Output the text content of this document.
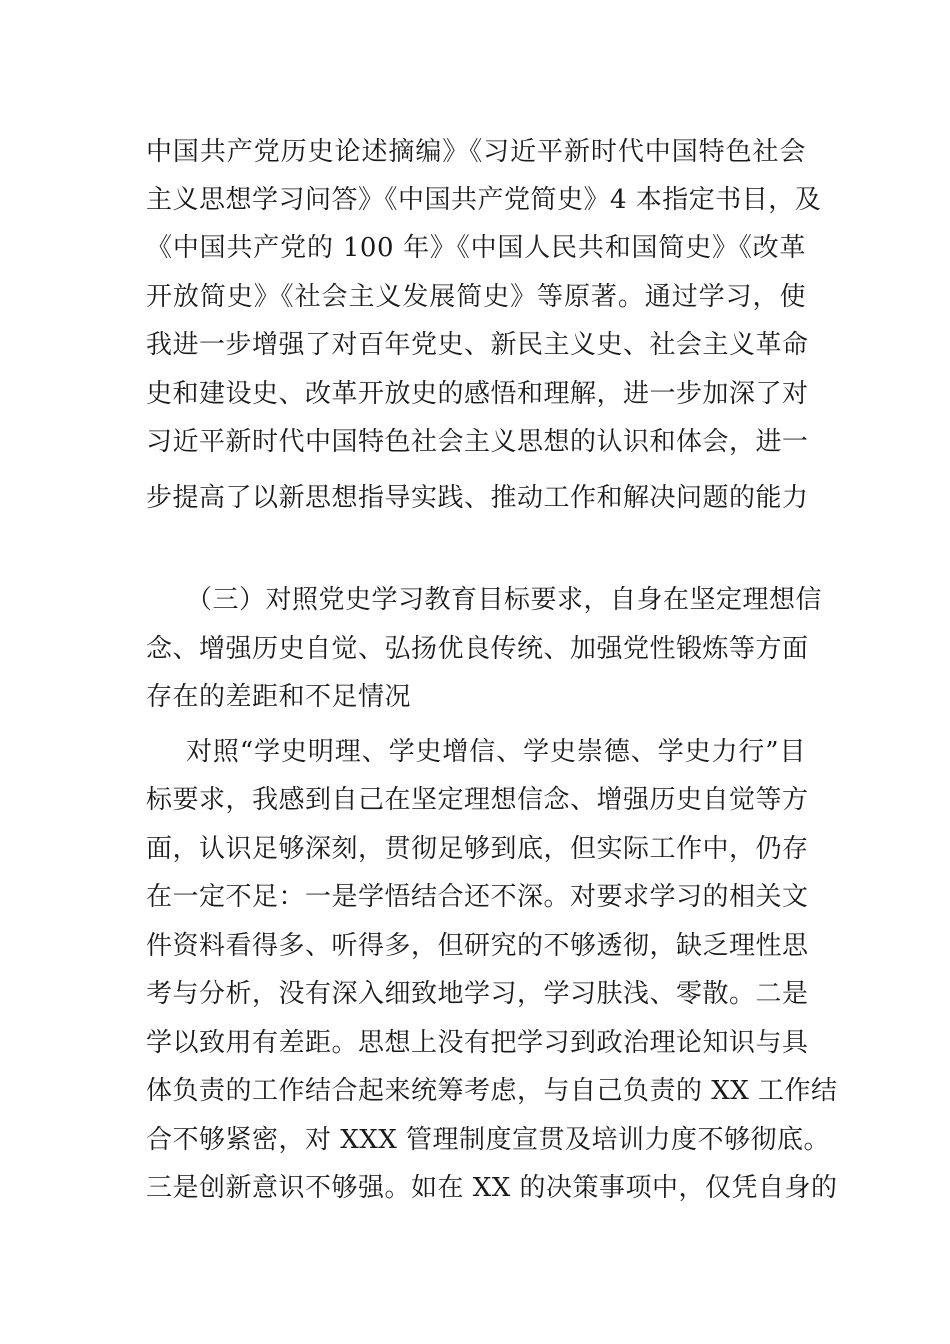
中国共产党历史论述摘编》《习近平新时代中国特色社会
主义思想学习问答》《中国共产党简史》4 本指定书目，及
《中国共产党的 100 年》《中国人民共和国简史》《改革
开放简史》《社会主义发展简史》等原著。通过学习，使
我进一步增强了对百年党史、新民主义史、社会主义革命
史和建设史、改革开放史的感悟和理解，进一步加深了对
习近平新时代中国特色社会主义思想的认识和体会，进一
步提高了以新思想指导实践、推动工作和解决问题的能力
（三）对照党史学习教育目标要求，自身在坚定理想信
念、增强历史自觉、弘扬优良传统、加强党性锻炼等方面
存在的差距和不足情况
对照“学史明理、学史增信、学史崇德、学史力行”目
标要求，我感到自己在坚定理想信念、增强历史自觉等方
面，认识足够深刻，贯彻足够到底，但实际工作中，仍存
在一定不足：一是学悟结合还不深。对要求学习的相关文
件资料看得多、听得多，但研究的不够透彻，缺乏理性思
考与分析，没有深入细致地学习，学习肤浅、零散。二是
学以致用有差距。思想上没有把学习到政治理论知识与具
体负责的工作结合起来统筹考虑，与自己负责的 XX 工作结
合不够紧密，对 XXX 管理制度宣贯及培训力度不够彻底。
三是创新意识不够强。如在 XX 的决策事项中，仅凭自身的
